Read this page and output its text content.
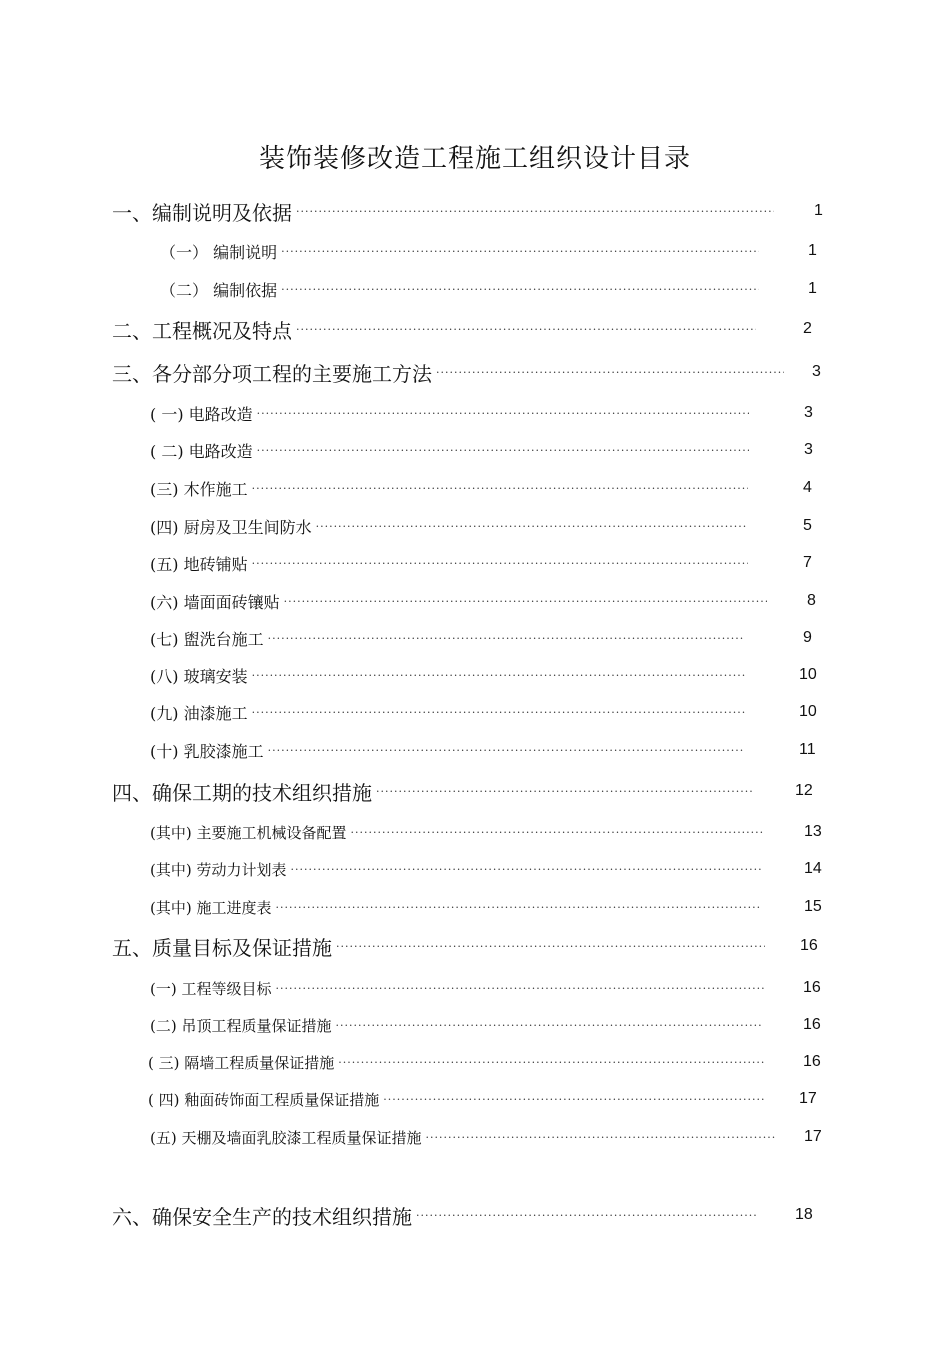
装饰装修改造工程施工组织设计目录
一、编制说明及依据 ·····	1
（一） 编制说明 ·····	1
（二） 编制依据 ·····	1
二、工程概况及特点 ·····	2
三、各分部分项工程的主要施工方法 ·····	3
( 一) 电路改造 ·····	3
( 二) 电路改造 ·····	3
(三) 木作施工 ·····	4
(四) 厨房及卫生间防水 ·····	5
(五) 地砖铺贴 ·····	7
(六) 墙面面砖镶贴 ·····	8
(七) 盥洗台施工 ·····	9
(八) 玻璃安装 ·····	10
(九) 油漆施工 ·····	10
(十) 乳胶漆施工 ·····	11
四、确保工期的技术组织措施 ·····	12
(其中) 主要施工机械设备配置 ·····	13
(其中) 劳动力计划表 ·····	14
(其中) 施工进度表 ·····	15
五、质量目标及保证措施 ·····	16
(一) 工程等级目标 ·····	16
(二) 吊顶工程质量保证措施 ·····	16
( 三) 隔墙工程质量保证措施 ·····	16
( 四) 釉面砖饰面工程质量保证措施 ·····	17
(五) 天棚及墙面乳胶漆工程质量保证措施 ·····	17
六、确保安全生产的技术组织措施 ·····	18
